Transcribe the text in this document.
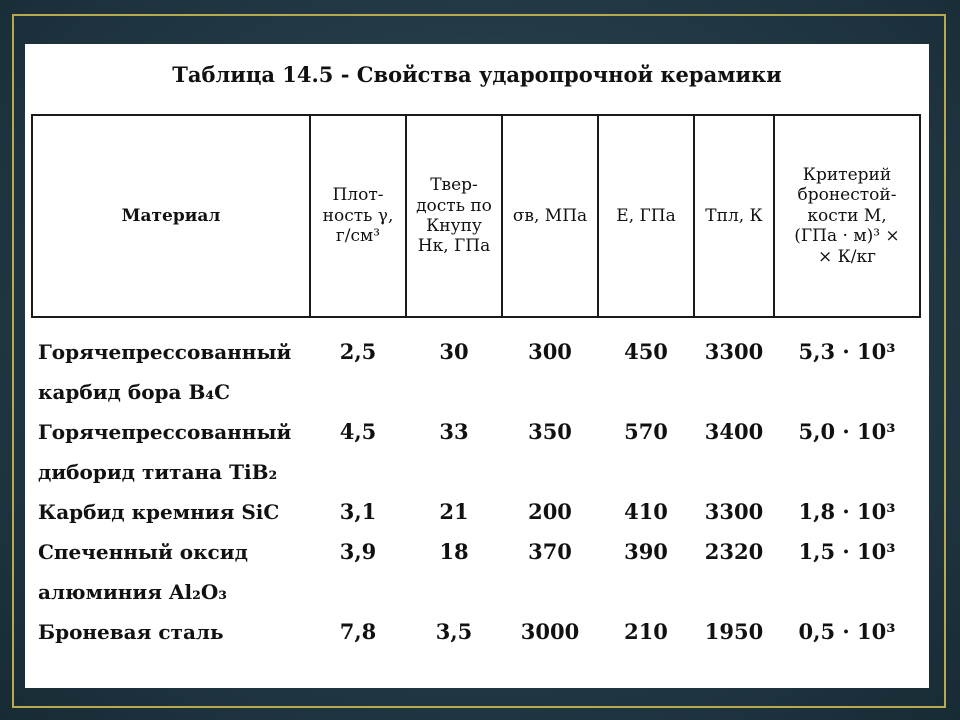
Таблица 14.5 - Свойства ударопрочной керамики
Материал	Плот-
ность γ,
г/см³	Твер-
дость по
Кнупу
Hк, ГПа	σв, МПа	E, ГПа	Tпл, К	Критерий
бронестой-
кости M,
(ГПа · м)³ ×
× К/кг
Горячепрессованный карбид бора B₄C	2,5	30	300	450	3300	5,3 · 10³
Горячепрессованный диборид титана TiB₂	4,5	33	350	570	3400	5,0 · 10³
Карбид кремния SiC	3,1	21	200	410	3300	1,8 · 10³
Спеченный оксид алюминия Al₂O₃	3,9	18	370	390	2320	1,5 · 10³
Броневая сталь	7,8	3,5	3000	210	1950	0,5 · 10³
